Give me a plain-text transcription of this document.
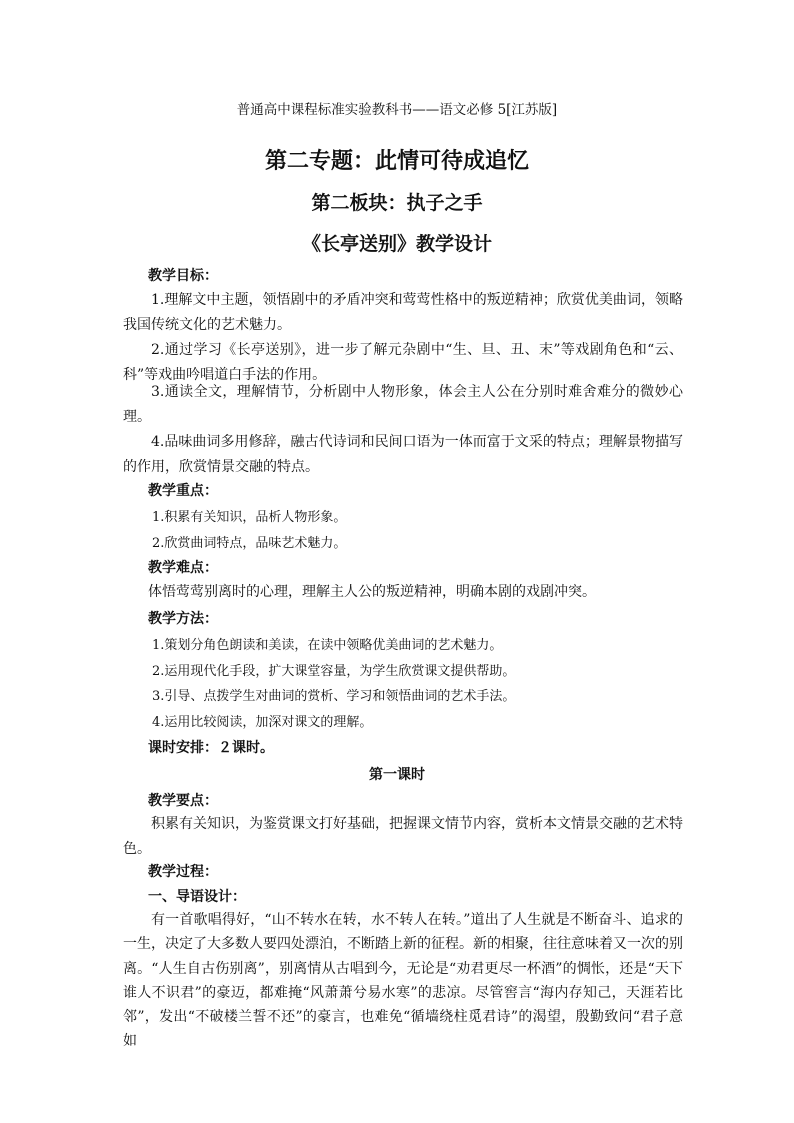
普通高中课程标准实验教科书——语文必修 5[江苏版]
第二专题：此情可待成追忆
第二板块：执子之手
《长亭送别》教学设计
教学目标：
1.理解文中主题，领悟剧中的矛盾冲突和莺莺性格中的叛逆精神；欣赏优美曲词，领略我国传统文化的艺术魅力。
2.通过学习《长亭送别》，进一步了解元杂剧中“生、旦、丑、末”等戏剧角色和“云、科”等戏曲吟唱道白手法的作用。
3.通读全文，理解情节，分析剧中人物形象，体会主人公在分别时难舍难分的微妙心理。
4.品味曲词多用修辞，融古代诗词和民间口语为一体而富于文采的特点；理解景物描写的作用，欣赏情景交融的特点。
教学重点：
1.积累有关知识，品析人物形象。
2.欣赏曲词特点，品味艺术魅力。
教学难点：
体悟莺莺别离时的心理，理解主人公的叛逆精神，明确本剧的戏剧冲突。
教学方法：
1.策划分角色朗读和美读，在读中领略优美曲词的艺术魅力。
2.运用现代化手段，扩大课堂容量，为学生欣赏课文提供帮助。
3.引导、点拨学生对曲词的赏析、学习和领悟曲词的艺术手法。
4.运用比较阅读，加深对课文的理解。
课时安排：２课时。
第一课时
教学要点：
积累有关知识，为鉴赏课文打好基础，把握课文情节内容，赏析本文情景交融的艺术特色。
教学过程：
一、导语设计：
有一首歌唱得好，“山不转水在转，水不转人在转。”道出了人生就是不断奋斗、追求的一生，决定了大多数人要四处漂泊，不断踏上新的征程。新的相聚，往往意味着又一次的别离。“人生自古伤别离”，别离情从古唱到今，无论是“劝君更尽一杯酒”的惆怅，还是“天下谁人不识君”的豪迈，都难掩“风萧萧兮易水寒”的悲凉。尽管窖言“海内存知己，天涯若比邻”，发出“不破楼兰誓不还”的豪言，也难免“循墙绕柱觅君诗”的渴望，殷勤致问“君子意如
